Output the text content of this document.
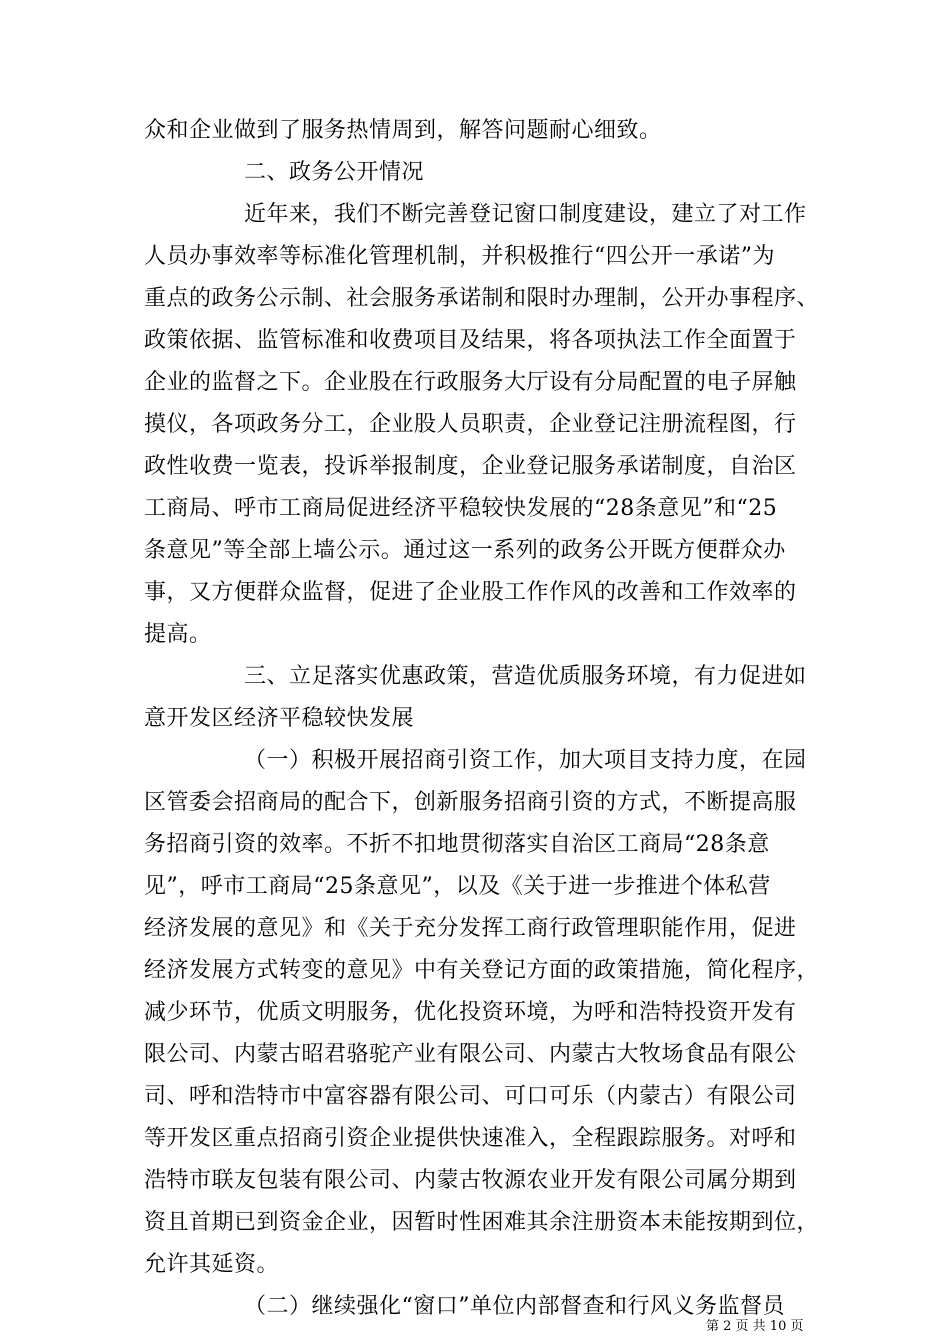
众和企业做到了服务热情周到，解答问题耐心细致。
二、政务公开情况
近年来，我们不断完善登记窗口制度建设，建立了对工作
人员办事效率等标准化管理机制，并积极推行“四公开一承诺”为
重点的政务公示制、社会服务承诺制和限时办理制，公开办事程序、
政策依据、监管标准和收费项目及结果，将各项执法工作全面置于
企业的监督之下。企业股在行政服务大厅设有分局配置的电子屏触
摸仪，各项政务分工，企业股人员职责，企业登记注册流程图，行
政性收费一览表，投诉举报制度，企业登记服务承诺制度，自治区
工商局、呼市工商局促进经济平稳较快发展的“28条意见”和“25
条意见”等全部上墙公示。通过这一系列的政务公开既方便群众办
事，又方便群众监督，促进了企业股工作作风的改善和工作效率的
提高。
三、立足落实优惠政策，营造优质服务环境，有力促进如
意开发区经济平稳较快发展
（一）积极开展招商引资工作，加大项目支持力度，在园
区管委会招商局的配合下，创新服务招商引资的方式，不断提高服
务招商引资的效率。不折不扣地贯彻落实自治区工商局“28条意
见”，呼市工商局“25条意见”，以及《关于进一步推进个体私营
经济发展的意见》和《关于充分发挥工商行政管理职能作用，促进
经济发展方式转变的意见》中有关登记方面的政策措施，简化程序，
减少环节，优质文明服务，优化投资环境，为呼和浩特投资开发有
限公司、内蒙古昭君骆驼产业有限公司、内蒙古大牧场食品有限公
司、呼和浩特市中富容器有限公司、可口可乐（内蒙古）有限公司
等开发区重点招商引资企业提供快速准入，全程跟踪服务。对呼和
浩特市联友包装有限公司、内蒙古牧源农业开发有限公司属分期到
资且首期已到资金企业，因暂时性困难其余注册资本未能按期到位，
允许其延资。
（二）继续强化“窗口”单位内部督查和行风义务监督员
第 2 页 共 10 页
